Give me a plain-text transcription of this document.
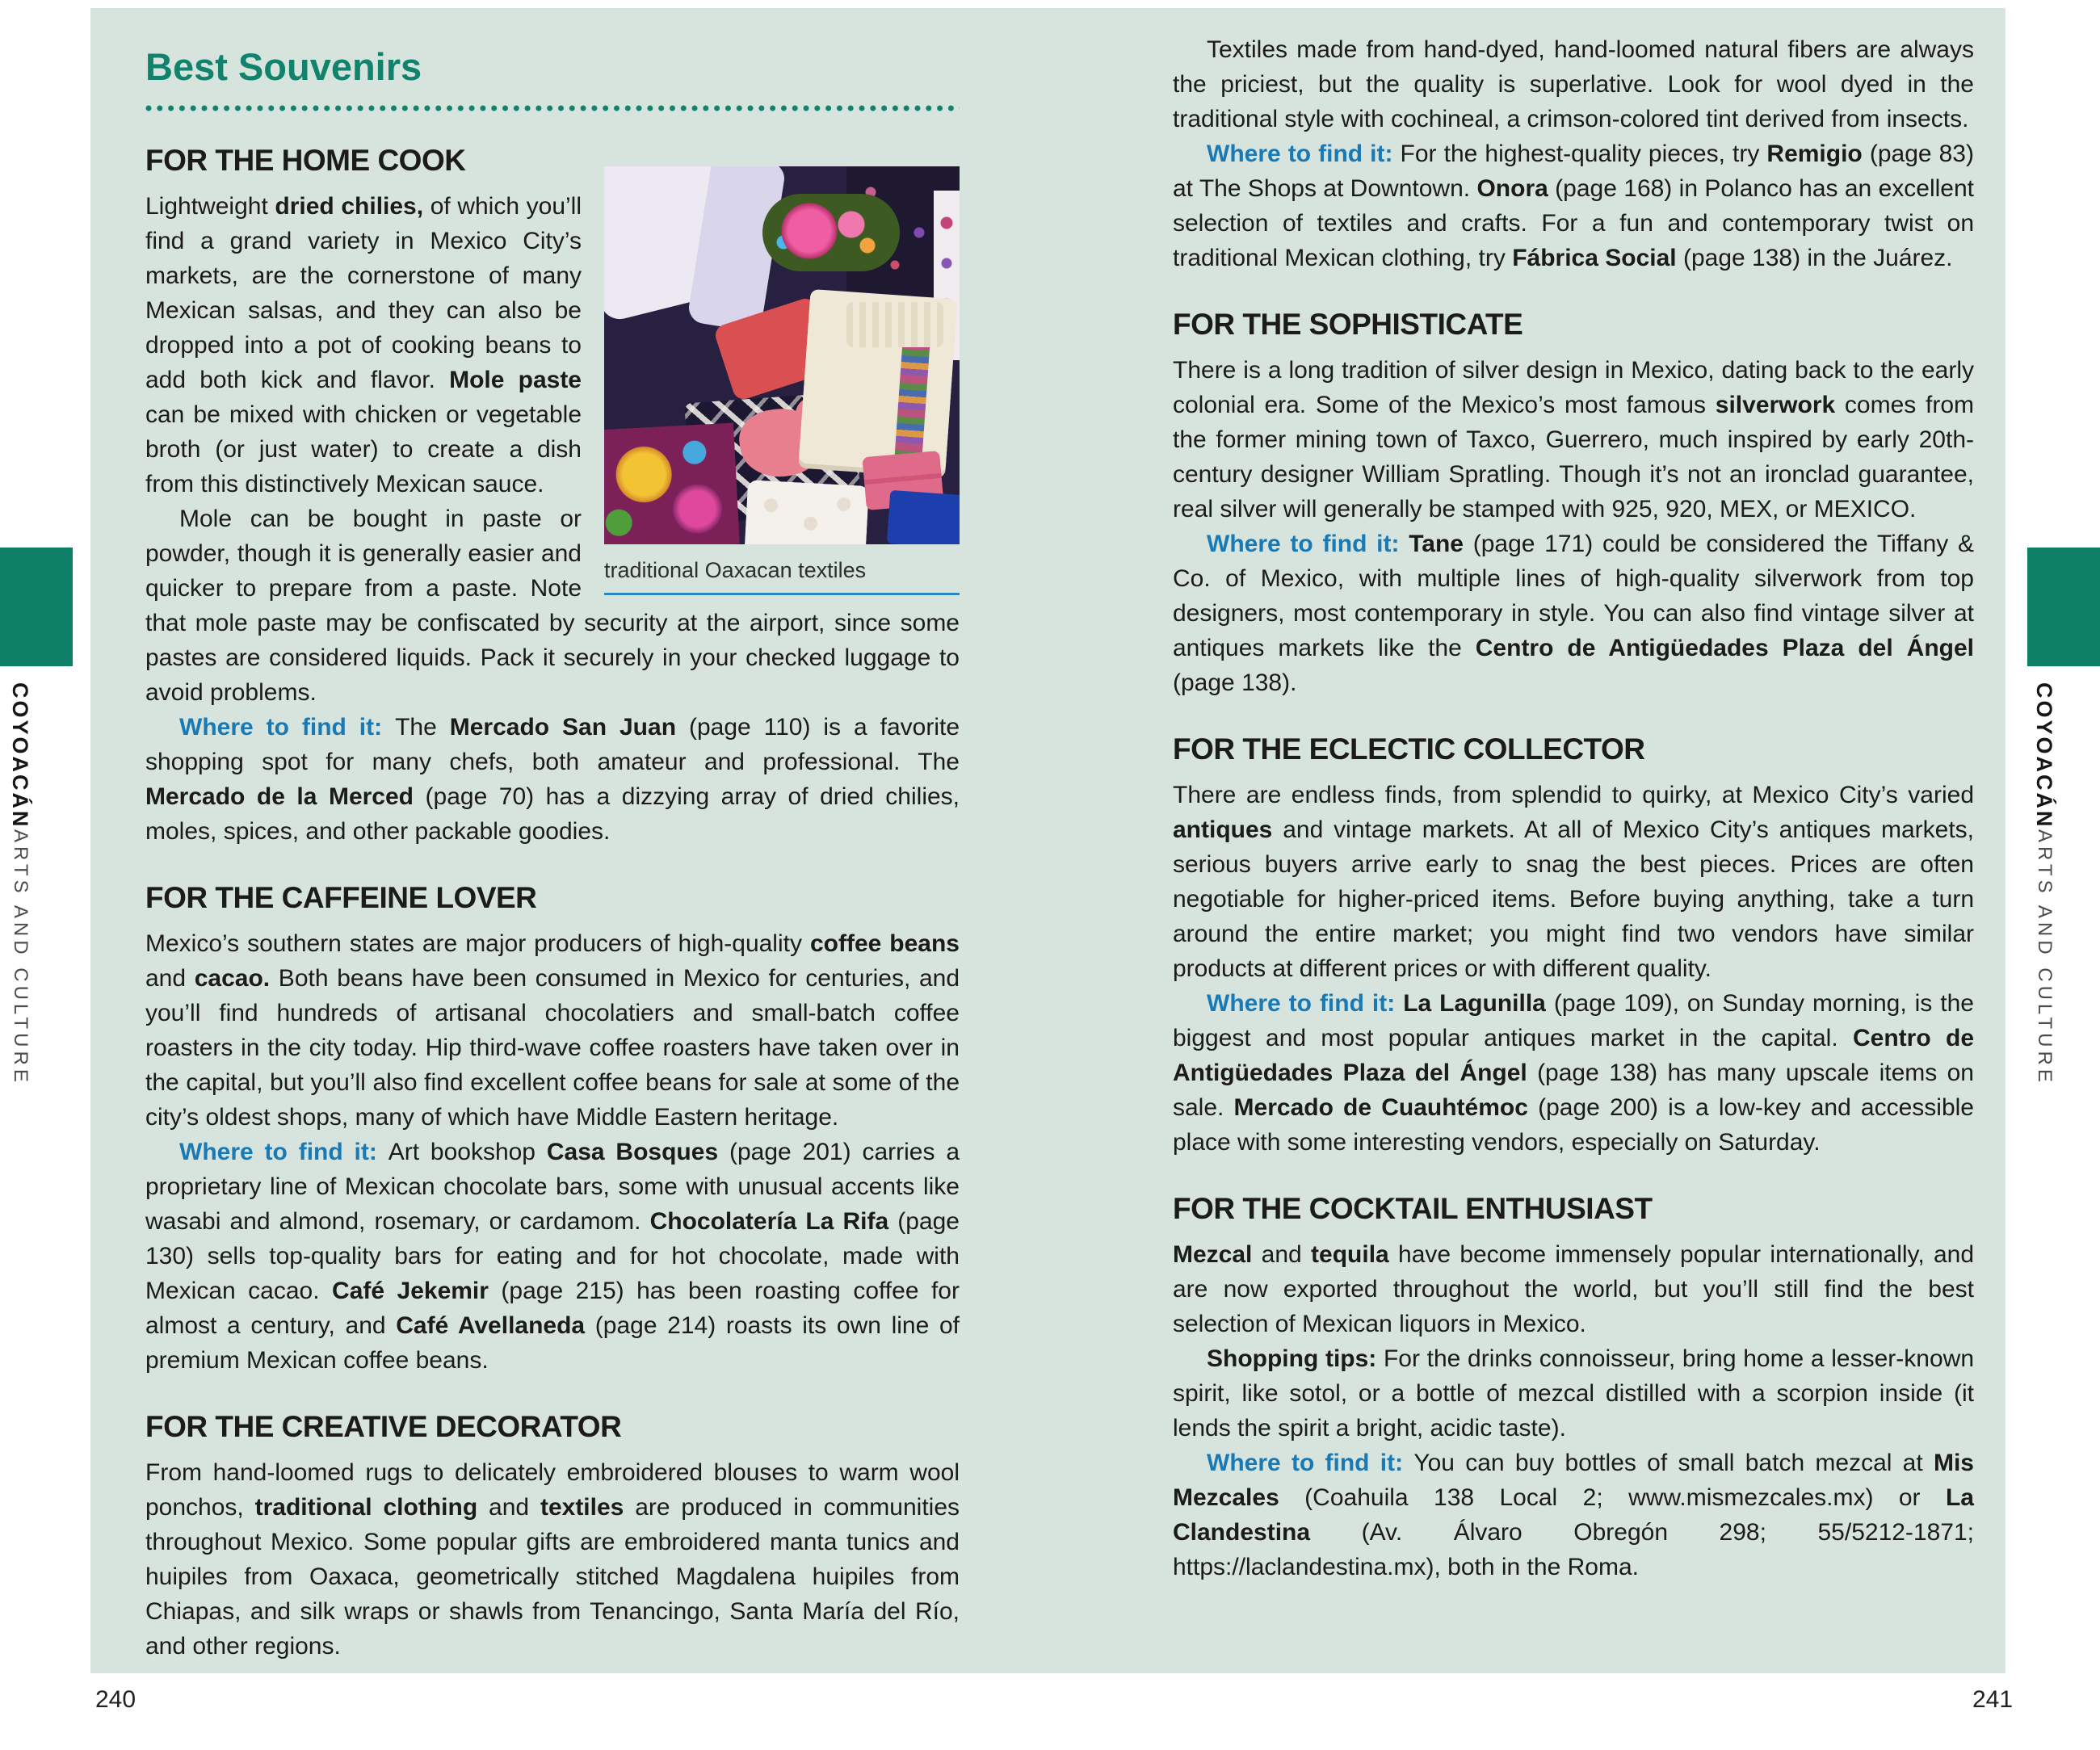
COYOACÁN
ARTS AND CULTURE
COYOACÁN
ARTS AND CULTURE
Best Souvenirs
traditional Oaxacan textiles
FOR THE HOME COOK

Lightweight dried chilies, of which you’ll find a grand variety in Mexico City’s markets, are the cornerstone of many Mexican salsas, and they can also be dropped into a pot of cooking beans to add both kick and flavor. Mole paste can be mixed with chicken or vegetable broth (or just water) to create a dish from this distinctively Mexican sauce.

Mole can be bought in paste or powder, though it is generally easier and quicker to prepare from a paste. Note that mole paste may be confiscated by security at the airport, since some pastes are considered liquids. Pack it securely in your checked luggage to avoid problems.

Where to find it: The Mercado San Juan (page 110) is a favorite shopping spot for many chefs, both amateur and professional. The Mercado de la Merced (page 70) has a dizzying array of dried chilies, moles, spices, and other packable goodies.

FOR THE CAFFEINE LOVER

Mexico’s southern states are major producers of high-quality coffee beans and cacao. Both beans have been consumed in Mexico for centuries, and you’ll find hundreds of artisanal chocolatiers and small-batch coffee roasters in the city today. Hip third-wave coffee roasters have taken over in the capital, but you’ll also find excellent coffee beans for sale at some of the city’s oldest shops, many of which have Middle Eastern heritage.

Where to find it: Art bookshop Casa Bosques (page 201) carries a proprietary line of Mexican chocolate bars, some with unusual accents like wasabi and almond, rosemary, or cardamom. Chocolatería La Rifa (page 130) sells top-quality bars for eating and for hot chocolate, made with Mexican cacao. Café Jekemir (page 215) has been roasting coffee for almost a century, and Café Avellaneda (page 214) roasts its own line of premium Mexican coffee beans.

FOR THE CREATIVE DECORATOR

From hand-loomed rugs to delicately embroidered blouses to warm wool ponchos, traditional clothing and textiles are produced in communities throughout Mexico. Some popular gifts are embroidered manta tunics and huipiles from Oaxaca, geometrically stitched Magdalena huipiles from Chiapas, and silk wraps or shawls from Tenancingo, Santa María del Río, and other regions.

Textiles made from hand-dyed, hand-loomed natural fibers are always the priciest, but the quality is superlative. Look for wool dyed in the traditional style with cochineal, a crimson-colored tint derived from insects.

Where to find it: For the highest-quality pieces, try Remigio (page 83) at The Shops at Downtown. Onora (page 168) in Polanco has an excellent selection of textiles and crafts. For a fun and contemporary twist on traditional Mexican clothing, try Fábrica Social (page 138) in the Juárez.

FOR THE SOPHISTICATE

There is a long tradition of silver design in Mexico, dating back to the early colonial era. Some of the Mexico’s most famous silverwork comes from the former mining town of Taxco, Guerrero, much inspired by early 20th-century designer William Spratling. Though it’s not an ironclad guarantee, real silver will generally be stamped with 925, 920, MEX, or MEXICO.

Where to find it: Tane (page 171) could be considered the Tiffany & Co. of Mexico, with multiple lines of high-quality silverwork from top designers, most contemporary in style. You can also find vintage silver at antiques markets like the Centro de Antigüedades Plaza del Ángel (page 138).

FOR THE ECLECTIC COLLECTOR

There are endless finds, from splendid to quirky, at Mexico City’s varied antiques and vintage markets. At all of Mexico City’s antiques markets, serious buyers arrive early to snag the best pieces. Prices are often negotiable for higher-priced items. Before buying anything, take a turn around the entire market; you might find two vendors have similar products at different prices or with different quality.

Where to find it: La Lagunilla (page 109), on Sunday morning, is the biggest and most popular antiques market in the capital. Centro de Antigüedades Plaza del Ángel (page 138) has many upscale items on sale. Mercado de Cuauhtémoc (page 200) is a low-key and accessible place with some interesting vendors, especially on Saturday.

FOR THE COCKTAIL ENTHUSIAST

Mezcal and tequila have become immensely popular internationally, and are now exported throughout the world, but you’ll still find the best selection of Mexican liquors in Mexico.

Shopping tips: For the drinks connoisseur, bring home a lesser-known spirit, like sotol, or a bottle of mezcal distilled with a scorpion inside (it lends the spirit a bright, acidic taste).

Where to find it: You can buy bottles of small batch mezcal at Mis Mezcales (Coahuila 138 Local 2; www.mismezcales.mx) or La Clandestina (Av. Álvaro Obregón 298; 55/5212-1871; https://laclandestina.mx), both in the Roma.

240	241
